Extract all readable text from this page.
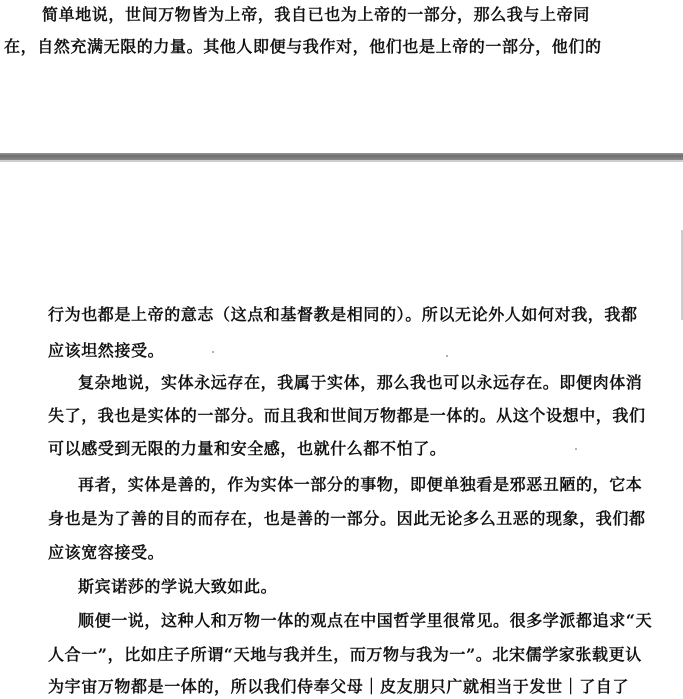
简单地说，世间万物皆为上帝，我自已也为上帝的一部分，那么我与上帝同
在，自然充满无限的力量。其他人即便与我作对，他们也是上帝的一部分，他们的
行为也都是上帝的意志（这点和基督教是相同的）。所以无论外人如何对我，我都
应该坦然接受。
复杂地说，实体永远存在，我属于实体，那么我也可以永远存在。即便肉体消
失了，我也是实体的一部分。而且我和世间万物都是一体的。从这个设想中，我们
可以感受到无限的力量和安全感，也就什么都不怕了。
再者，实体是善的，作为实体一部分的事物，即便单独看是邪恶丑陋的，它本
身也是为了善的目的而存在，也是善的一部分。因此无论多么丑恶的现象，我们都
应该宽容接受。
斯宾诺莎的学说大致如此。
顺便一说，这种人和万物一体的观点在中国哲学里很常见。很多学派都追求“天
人合一”，比如庄子所谓“天地与我并生，而万物与我为一”。北宋儒学家张载更认
为宇宙万物都是一体的，所以我们侍奉父母｜皮友朋只广就相当于发世｜了自了
